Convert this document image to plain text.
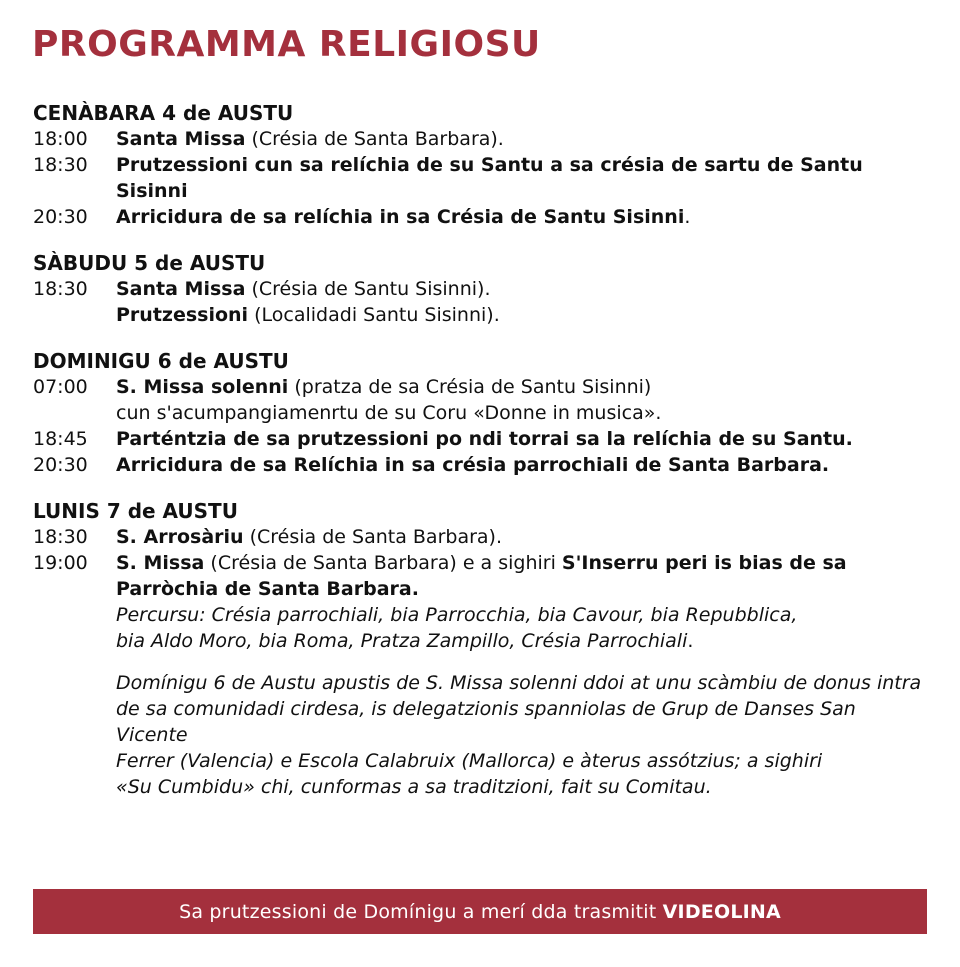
PROGRAMMA RELIGIOSU
CENÀBARA 4 de AUSTU
18:00	Santa Missa (Crésia de Santa Barbara).
18:30	Prutzessioni cun sa relíchia de su Santu a sa crésia de sartu de Santu Sisinni
20:30	Arricidura de sa relíchia in sa Crésia de Santu Sisinni.
SÀBUDU 5 de AUSTU
18:30	Santa Missa (Crésia de Santu Sisinni).
Prutzessioni (Localidadi Santu Sisinni).
DOMINIGU 6 de AUSTU
07:00	S. Missa solenni (pratza de sa Crésia de Santu Sisinni)
cun s'acumpangiamenrtu de su Coru «Donne in musica».
18:45	Parténtzia de sa prutzessioni po ndi torrai sa la relíchia de su Santu.
20:30	Arricidura de sa Relíchia in sa crésia parrochiali de Santa Barbara.
LUNIS 7 de AUSTU
18:30	S. Arrosàriu (Crésia de Santa Barbara).
19:00	S. Missa (Crésia de Santa Barbara) e a sighiri S'Inserru peri is bias de sa Parròchia de Santa Barbara.
Percursu: Crésia parrochiali, bia Parrocchia, bia Cavour, bia Repubblica,
bia Aldo Moro, bia Roma, Pratza Zampillo, Crésia Parrochiali.
Domínigu 6 de Austu apustis de S. Missa solenni ddoi at unu scàmbiu de donus intra
de sa comunidadi cirdesa, is delegatzionis spanniolas de Grup de Danses San Vicente
Ferrer (Valencia) e Escola Calabruix (Mallorca) e àterus assótzius; a sighiri
«Su Cumbidu» chi, cunformas a sa traditzioni, fait su Comitau.
Sa prutzessioni de Domínigu a merí dda trasmitit
VIDEOLINA
